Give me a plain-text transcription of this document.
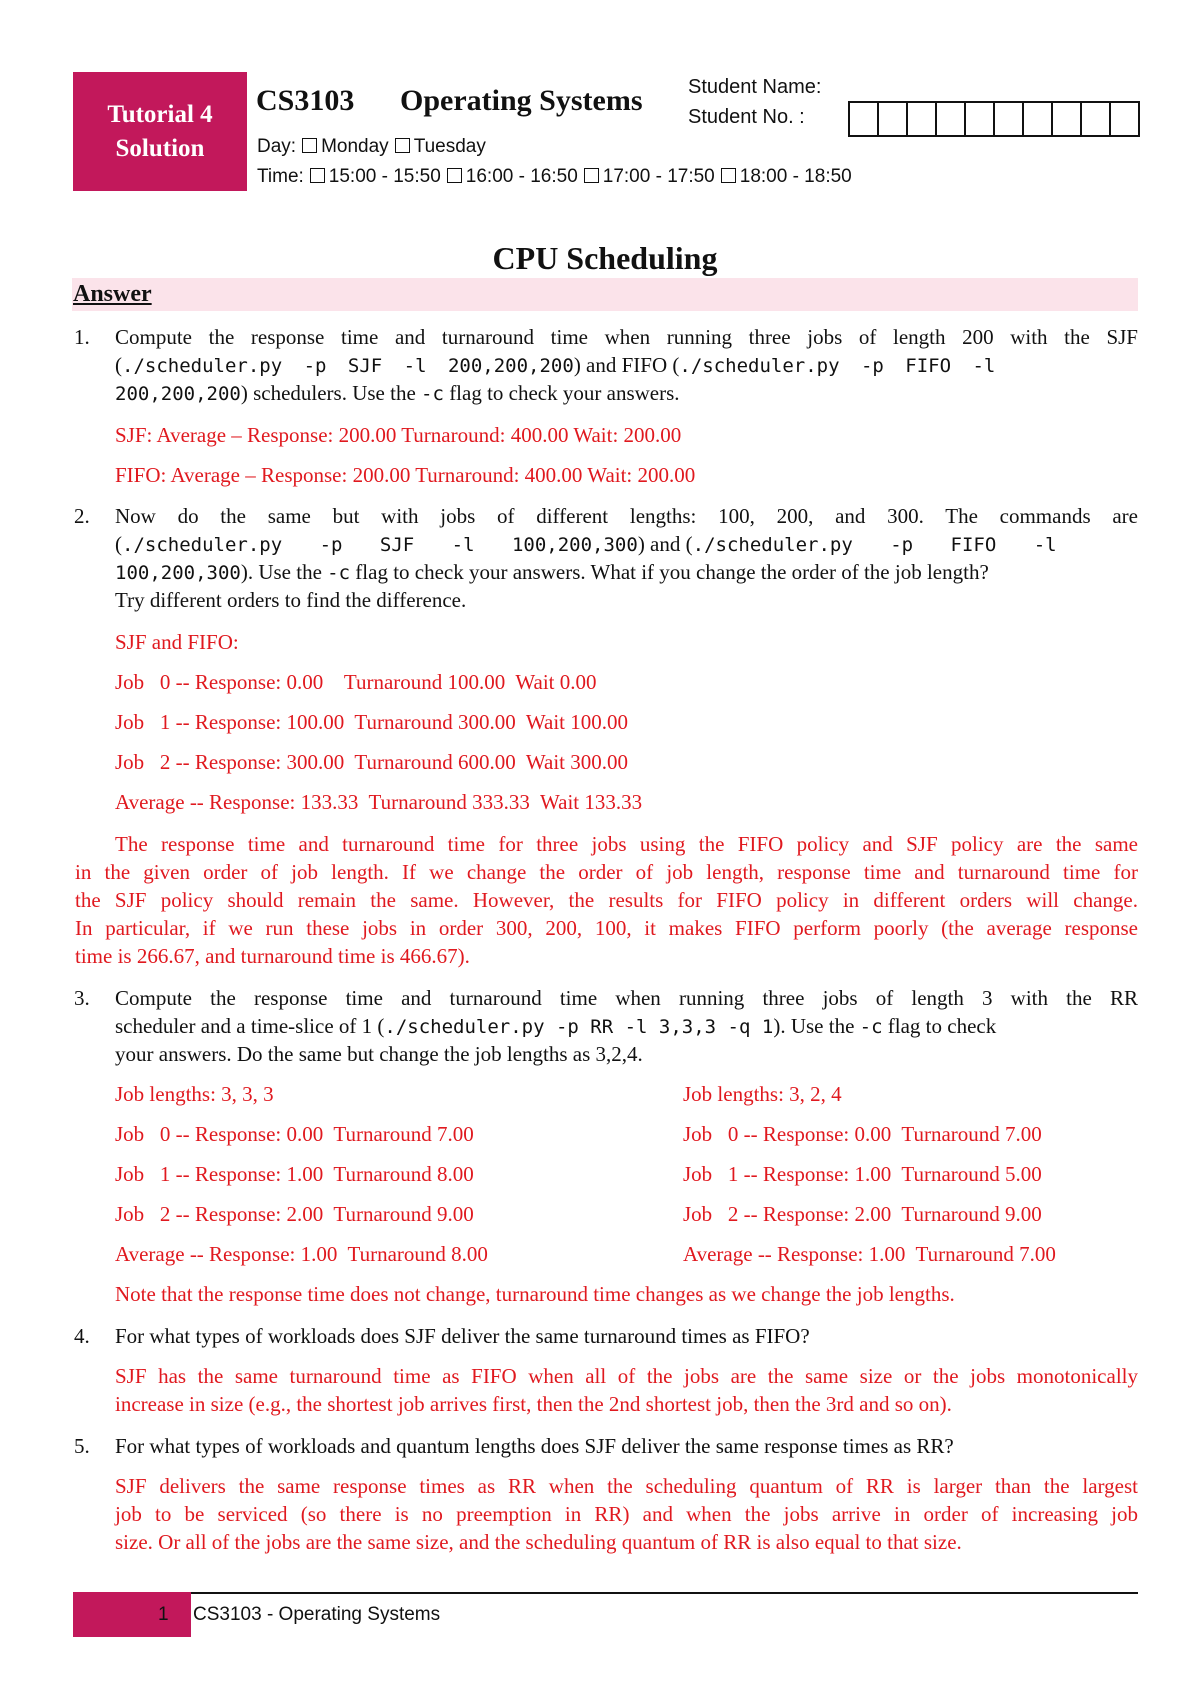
Tutorial 4
Solution
CS3103 Operating Systems Student Name:
Student No. :
Day: Monday Tuesday
Time: 15:00 - 15:50 16:00 - 16:50 17:00 - 17:50 18:00 - 18:50
CPU Scheduling
Answer
1. Compute the response time and turnaround time when running three jobs of length 200 with the SJF
(./scheduler.py -p SJF -l 200,200,200) and FIFO (./scheduler.py -p FIFO -l
200,200,200) schedulers. Use the -c flag to check your answers.
SJF: Average – Response: 200.00 Turnaround: 400.00 Wait: 200.00
FIFO: Average – Response: 200.00 Turnaround: 400.00 Wait: 200.00
2. Now do the same but with jobs of different lengths: 100, 200, and 300. The commands are
(./scheduler.py -p SJF -l 100,200,300) and (./scheduler.py -p FIFO -l
100,200,300). Use the -c flag to check your answers. What if you change the order of the job length?
Try different orders to find the difference.
SJF and FIFO:
Job   0 -- Response: 0.00    Turnaround 100.00  Wait 0.00
Job   1 -- Response: 100.00  Turnaround 300.00  Wait 100.00
Job   2 -- Response: 300.00  Turnaround 600.00  Wait 300.00
Average -- Response: 133.33  Turnaround 333.33  Wait 133.33
The response time and turnaround time for three jobs using the FIFO policy and SJF policy are the same
in the given order of job length. If we change the order of job length, response time and turnaround time for
the SJF policy should remain the same. However, the results for FIFO policy in different orders will change.
In particular, if we run these jobs in order 300, 200, 100, it makes FIFO perform poorly (the average response
time is 266.67, and turnaround time is 466.67).
3. Compute the response time and turnaround time when running three jobs of length 3 with the RR
scheduler and a time-slice of 1 (./scheduler.py -p RR -l 3,3,3 -q 1). Use the -c flag to check
your answers. Do the same but change the job lengths as 3,2,4.
Job lengths: 3, 3, 3
Job   0 -- Response: 0.00  Turnaround 7.00
Job   1 -- Response: 1.00  Turnaround 8.00
Job   2 -- Response: 2.00  Turnaround 9.00
Average -- Response: 1.00  Turnaround 8.00
Job lengths: 3, 2, 4
Job   0 -- Response: 0.00  Turnaround 7.00
Job   1 -- Response: 1.00  Turnaround 5.00
Job   2 -- Response: 2.00  Turnaround 9.00
Average -- Response: 1.00  Turnaround 7.00
Note that the response time does not change, turnaround time changes as we change the job lengths.
4. For what types of workloads does SJF deliver the same turnaround times as FIFO?
SJF has the same turnaround time as FIFO when all of the jobs are the same size or the jobs monotonically
increase in size (e.g., the shortest job arrives first, then the 2nd shortest job, then the 3rd and so on).
5. For what types of workloads and quantum lengths does SJF deliver the same response times as RR?
SJF delivers the same response times as RR when the scheduling quantum of RR is larger than the largest
job to be serviced (so there is no preemption in RR) and when the jobs arrive in order of increasing job
size. Or all of the jobs are the same size, and the scheduling quantum of RR is also equal to that size.
1 CS3103 - Operating Systems
